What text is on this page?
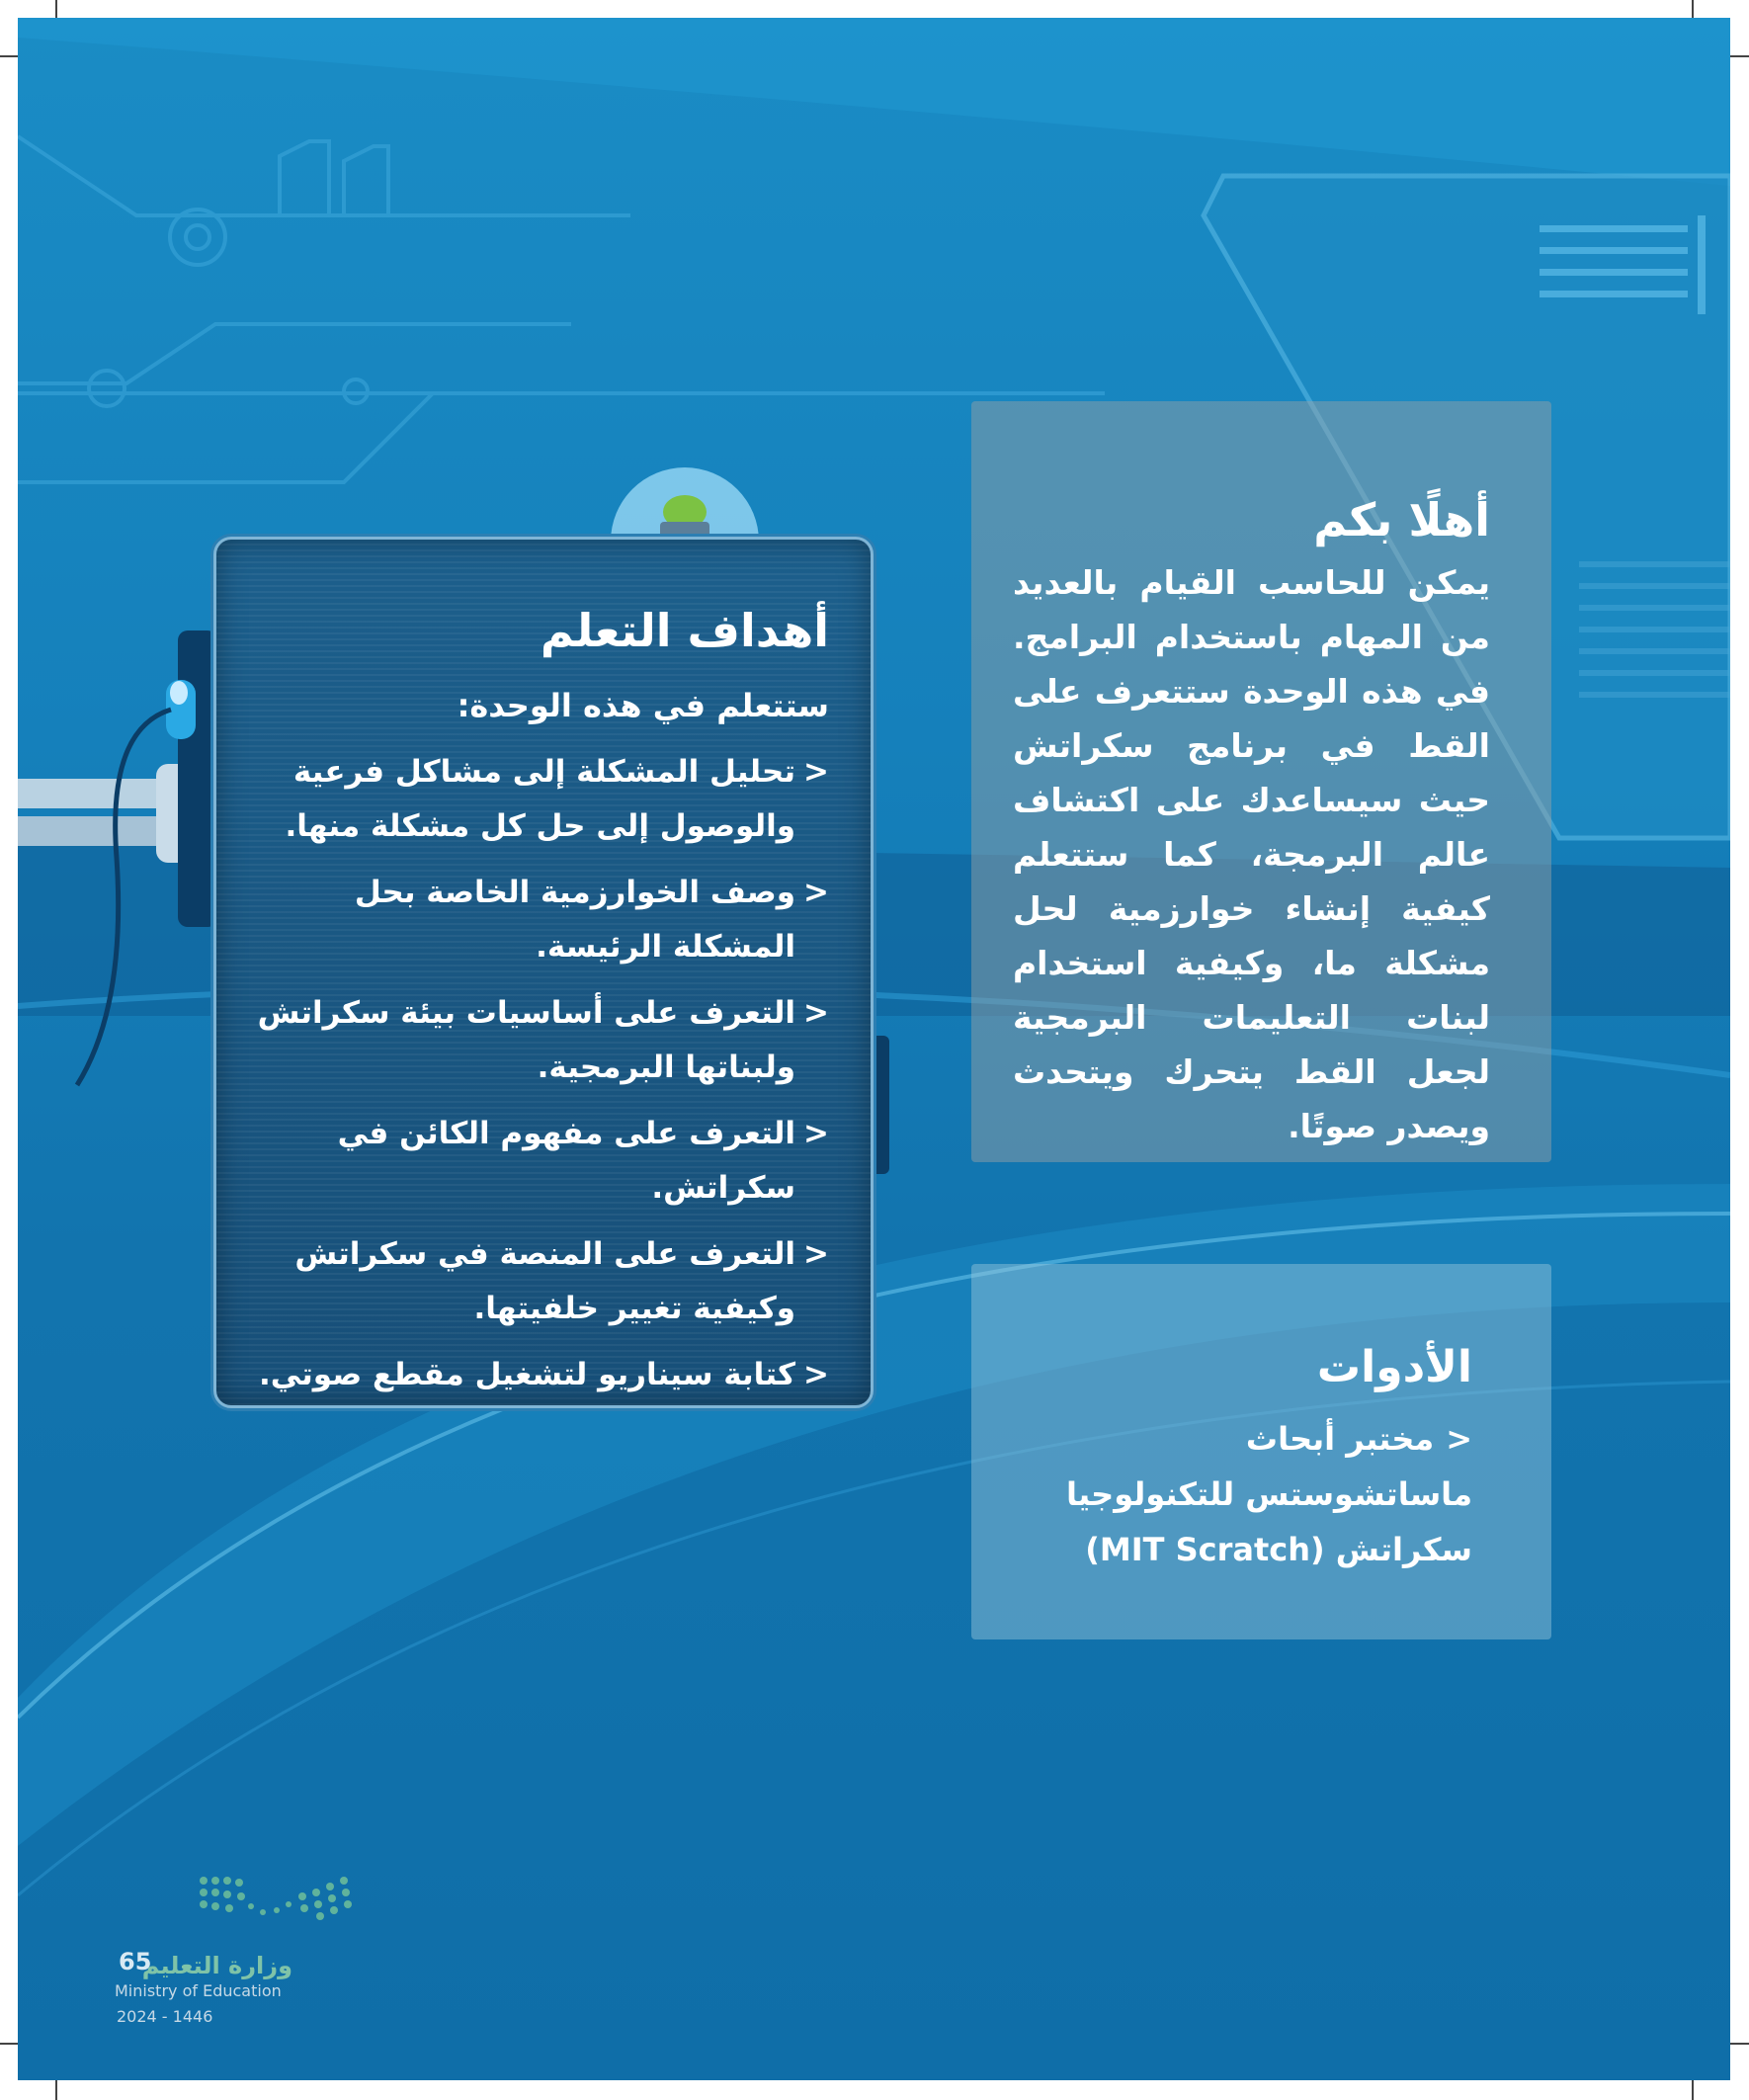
أهلًا بكم

يمكن للحاسب القيام بالعديد من المهام باستخدام البرامج. في هذه الوحدة ستتعرف على القط في برنامج سكراتش حيث سيساعدك على اكتشاف عالم البرمجة، كما ستتعلم كيفية إنشاء خوارزمية لحل مشكلة ما، وكيفية استخدام لبنات التعليمات البرمجية لجعل القط يتحرك ويتحدث ويصدر صوتًا.

الأدوات
<مختبر أبحاث ماساتشوستس للتكنولوجيا سكراتش (MIT Scratch)
أهداف التعلم

ستتعلم في هذه الوحدة:

<
تحليل المشكلة إلى مشاكل فرعية والوصول إلى حل كل مشكلة منها.
<
وصف الخوارزمية الخاصة بحل المشكلة الرئيسة.
<
التعرف على أساسيات بيئة سكراتش ولبناتها البرمجية.
<
التعرف على مفهوم الكائن في سكراتش.
<
التعرف على المنصة في سكراتش وكيفية تغيير خلفيتها.
<
كتابة سيناريو لتشغيل مقطع صوتي.
65
وزارة التعليم
Ministry of Education
2024 - 1446
